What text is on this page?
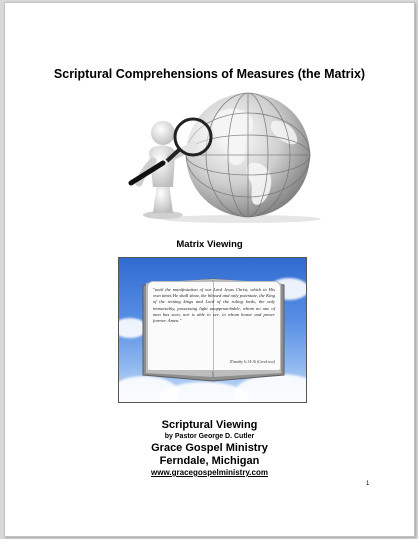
Scriptural Comprehensions of Measures (the Matrix)
Matrix Viewing
"until the manifestation of our Lord Jesus Christ, which in His own times He shall show, the blessed and only potentate, the King of the reining kings and Lord of the ruling lords, the only immortality, possessing light unapproachable, whom no one of men has seen, nor is able to see, to whom honor and power forever. Amen."
ITimothy 6:14-16 (Greek text)
Scriptural Viewing
by Pastor George D. Cutler
Grace Gospel Ministry
Ferndale, Michigan
www.gracegospelministry.com
1
